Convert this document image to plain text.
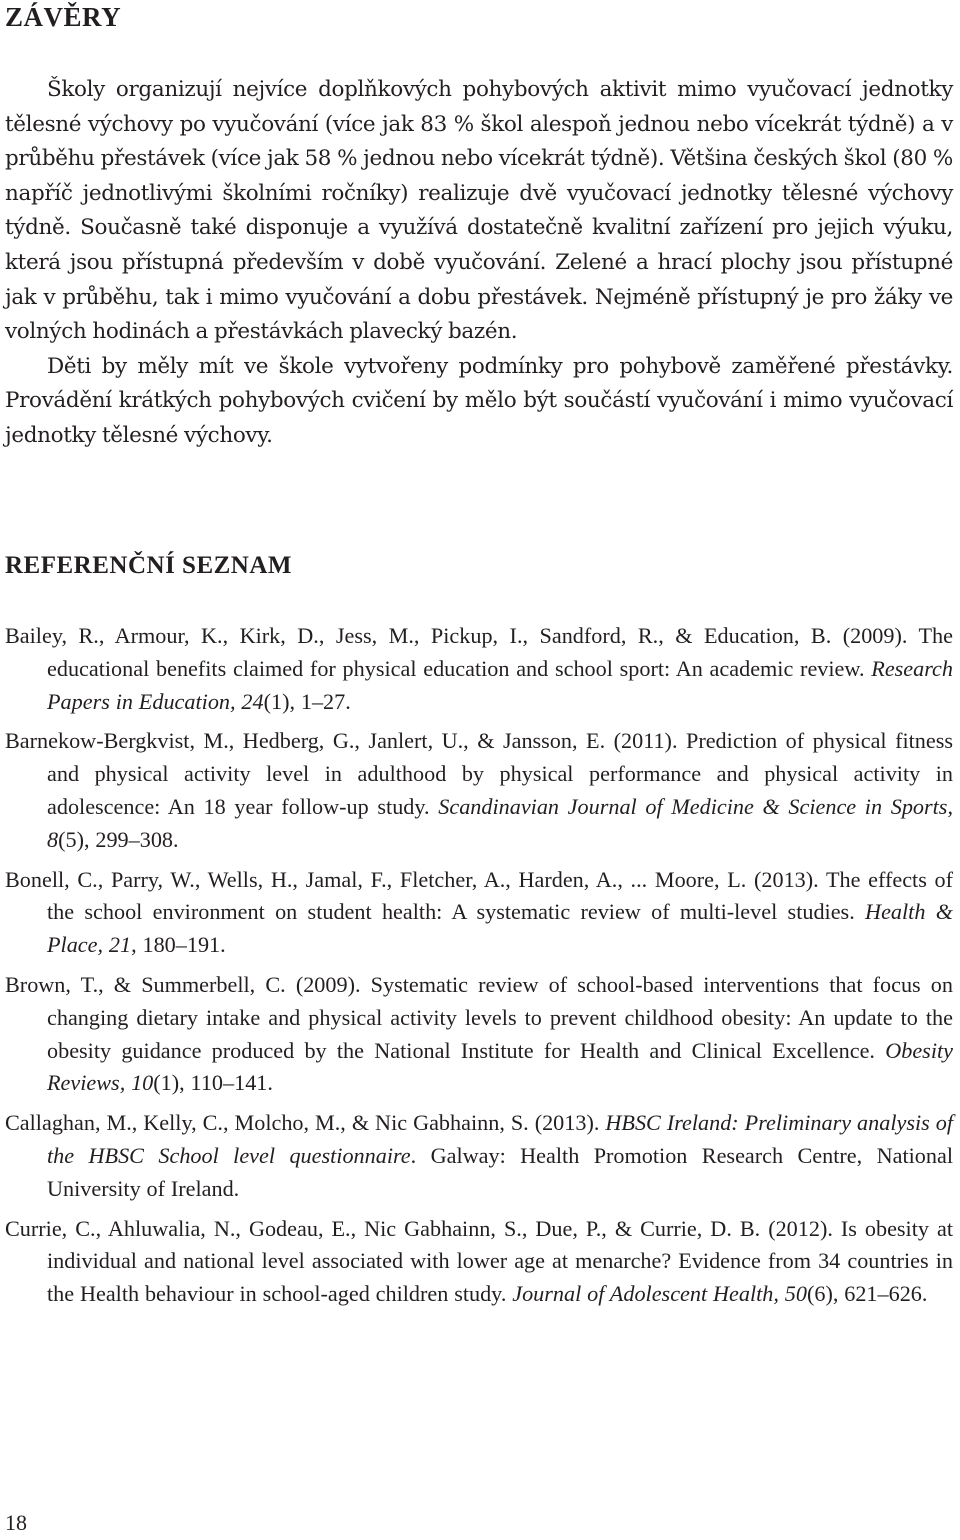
ZÁVĚRY

Školy organizují nejvíce doplňkových pohybových aktivit mimo vyučovací jednotky tělesné výchovy po vyučování (více jak 83 % škol alespoň jednou nebo vícekrát týdně) a v průběhu přestávek (více jak 58 % jednou nebo vícekrát týdně). Většina českých škol (80 % napříč jednotlivými školními ročníky) realizuje dvě vyučovací jednotky tělesné výchovy týdně. Současně také disponuje a využívá dostatečně kvalitní zařízení pro jejich výuku, která jsou přístupná především v době vyučování. Zelené a hrací plochy jsou přístupné jak v průběhu, tak i mimo vyučování a dobu přestávek. Nejméně přístupný je pro žáky ve volných hodinách a přestávkách plavecký bazén.

Děti by měly mít ve škole vytvořeny podmínky pro pohybově zaměřené přestávky. Provádění krátkých pohybových cvičení by mělo být součástí vyučování i mimo vyučovací jednotky tělesné výchovy.

REFERENČNÍ SEZNAM

Bailey, R., Armour, K., Kirk, D., Jess, M., Pickup, I., Sandford, R., & Education, B. (2009). The educational benefits claimed for physical education and school sport: An academic review. Research Papers in Education, 24(1), 1–27.

Barnekow-Bergkvist, M., Hedberg, G., Janlert, U., & Jansson, E. (2011). Prediction of physical fitness and physical activity level in adulthood by physical performance and physical activity in adolescence: An 18 year follow-up study. Scandinavian Journal of Medicine & Science in Sports, 8(5), 299–308.

Bonell, C., Parry, W., Wells, H., Jamal, F., Fletcher, A., Harden, A., ... Moore, L. (2013). The effects of the school environment on student health: A systematic review of multi-level studies. Health & Place, 21, 180–191.

Brown, T., & Summerbell, C. (2009). Systematic review of school-based interventions that focus on changing dietary intake and physical activity levels to prevent childhood obesity: An update to the obesity guidance produced by the National Institute for Health and Clinical Excellence. Obesity Reviews, 10(1), 110–141.

Callaghan, M., Kelly, C., Molcho, M., & Nic Gabhainn, S. (2013). HBSC Ireland: Preliminary analysis of the HBSC School level questionnaire. Galway: Health Promotion Research Centre, National University of Ireland.

Currie, C., Ahluwalia, N., Godeau, E., Nic Gabhainn, S., Due, P., & Currie, D. B. (2012). Is obesity at individual and national level associated with lower age at menarche? Evidence from 34 countries in the Health behaviour in school-aged children study. Journal of Adolescent Health, 50(6), 621–626.

18
